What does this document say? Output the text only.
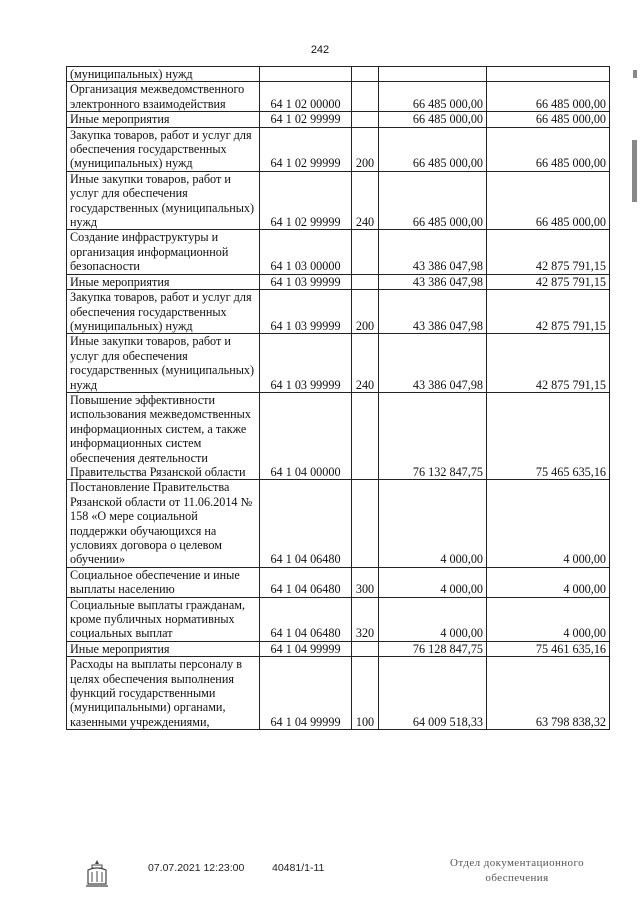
242
(муниципальных) нужд				
Организация межведомственного электронного взаимодействия	64 1 02 00000		66 485 000,00	66 485 000,00
Иные мероприятия	64 1 02 99999		66 485 000,00	66 485 000,00
Закупка товаров, работ и услуг для обеспечения государственных (муниципальных) нужд	64 1 02 99999	200	66 485 000,00	66 485 000,00
Иные закупки товаров, работ и услуг для обеспечения государственных (муниципальных) нужд	64 1 02 99999	240	66 485 000,00	66 485 000,00
Создание инфраструктуры и организация информационной безопасности	64 1 03 00000		43 386 047,98	42 875 791,15
Иные мероприятия	64 1 03 99999		43 386 047,98	42 875 791,15
Закупка товаров, работ и услуг для обеспечения государственных (муниципальных) нужд	64 1 03 99999	200	43 386 047,98	42 875 791,15
Иные закупки товаров, работ и услуг для обеспечения государственных (муниципальных) нужд	64 1 03 99999	240	43 386 047,98	42 875 791,15
Повышение эффективности использования межведомственных информационных систем, а также информационных систем обеспечения деятельности Правительства Рязанской области	64 1 04 00000		76 132 847,75	75 465 635,16
Постановление Правительства Рязанской области от 11.06.2014 № 158 «О мере социальной поддержки обучающихся на условиях договора о целевом обучении»	64 1 04 06480		4 000,00	4 000,00
Социальное обеспечение и иные выплаты населению	64 1 04 06480	300	4 000,00	4 000,00
Социальные выплаты гражданам, кроме публичных нормативных социальных выплат	64 1 04 06480	320	4 000,00	4 000,00
Иные мероприятия	64 1 04 99999		76 128 847,75	75 461 635,16
Расходы на выплаты персоналу в целях обеспечения выполнения функций государственными (муниципальными) органами, казенными учреждениями,	64 1 04 99999	100	64 009 518,33	63 798 838,32
07.07.2021 12:23:00	40481/1-11	Отдел документационного
обеспечения
